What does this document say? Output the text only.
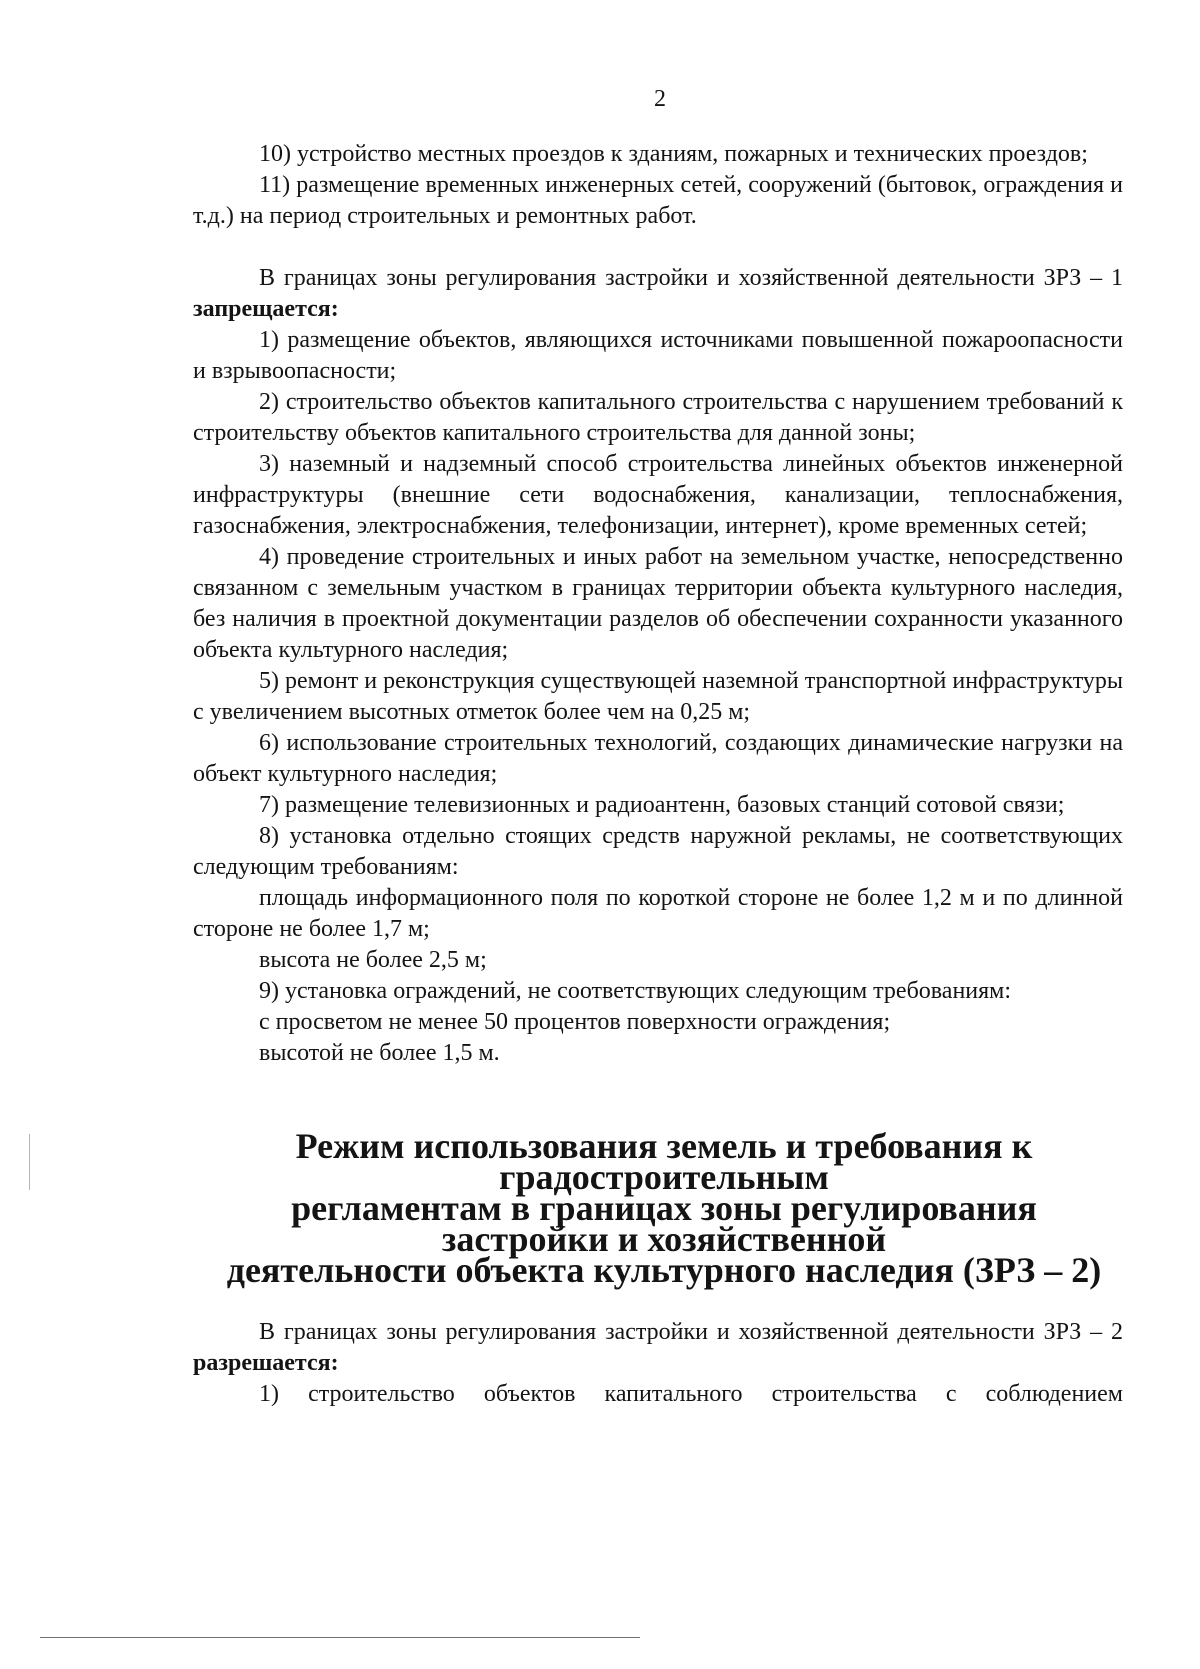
2

10) устройство местных проездов к зданиям, пожарных и технических проездов;

11) размещение временных инженерных сетей, сооружений (бытовок, ограждения и т.д.) на период строительных и ремонтных работ.

В границах зоны регулирования застройки и хозяйственной деятельности ЗРЗ – 1 запрещается:

1) размещение объектов, являющихся источниками повышенной пожароопасности и взрывоопасности;

2) строительство объектов капитального строительства с нарушением требований к строительству объектов капитального строительства для данной зоны;

3) наземный и надземный способ строительства линейных объектов инженерной инфраструктуры (внешние сети водоснабжения, канализации, теплоснабжения, газоснабжения, электроснабжения, телефонизации, интернет), кроме временных сетей;

4) проведение строительных и иных работ на земельном участке, непосредственно связанном с земельным участком в границах территории объекта культурного наследия, без наличия в проектной документации разделов об обеспечении сохранности указанного объекта культурного наследия;

5) ремонт и реконструкция существующей наземной транспортной инфраструктуры с увеличением высотных отметок более чем на 0,25 м;

6) использование строительных технологий, создающих динамические нагрузки на объект культурного наследия;

7) размещение телевизионных и радиоантенн, базовых станций сотовой связи;

8) установка отдельно стоящих средств наружной рекламы, не соответствующих следующим требованиям:

площадь информационного поля по короткой стороне не более 1,2 м и по длинной стороне не более 1,7 м;

высота не более 2,5 м;

9) установка ограждений, не соответствующих следующим требованиям:

с просветом не менее 50 процентов поверхности ограждения;

высотой не более 1,5 м.

Режим использования земель и требования к градостроительным
регламентам в границах зоны регулирования застройки и хозяйственной
деятельности объекта культурного наследия (ЗРЗ – 2)

В границах зоны регулирования застройки и хозяйственной деятельности ЗРЗ – 2 разрешается:

1) строительство объектов капитального строительства с соблюдением
